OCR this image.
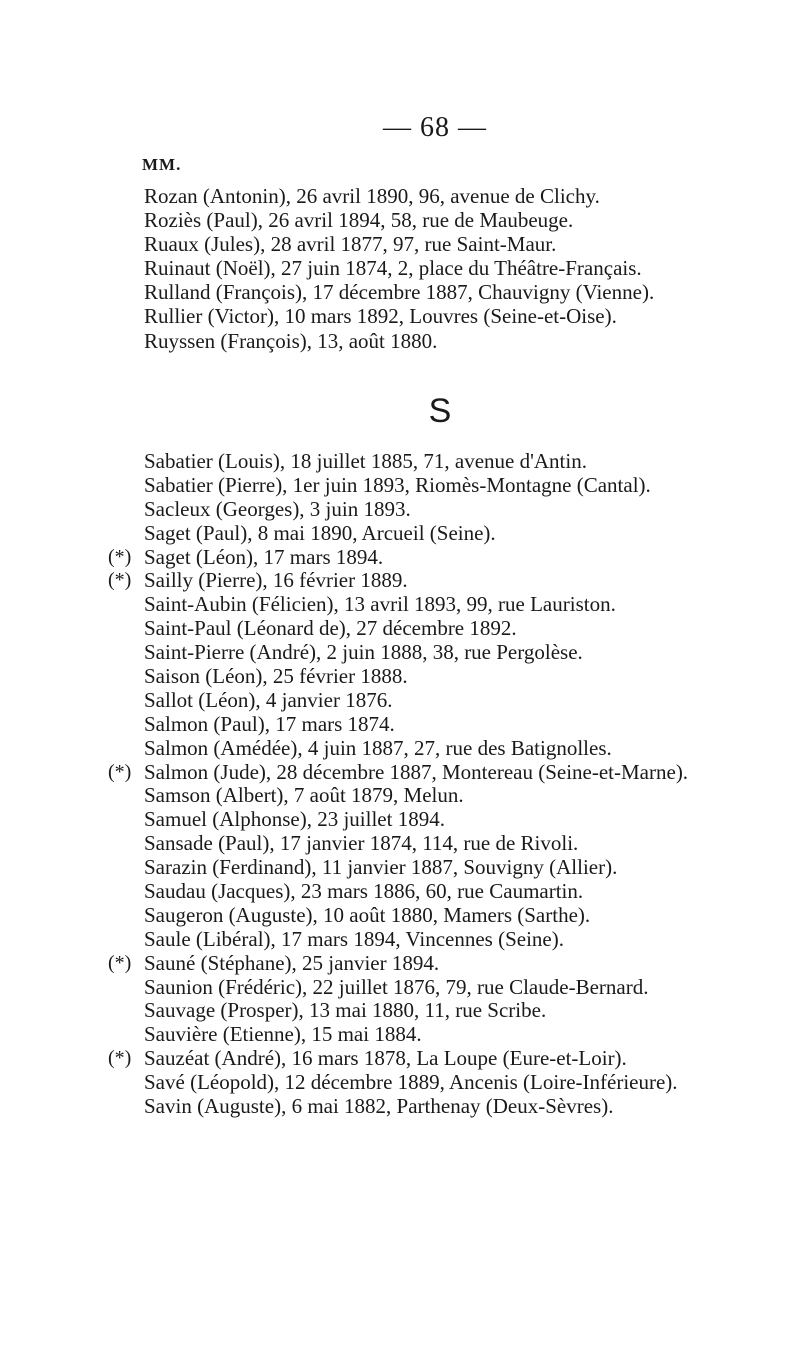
— 68 —
MM.
Rozan (Antonin), 26 avril 1890, 96, avenue de Clichy.
Roziès (Paul), 26 avril 1894, 58, rue de Maubeuge.
Ruaux (Jules), 28 avril 1877, 97, rue Saint-Maur.
Ruinaut (Noël), 27 juin 1874, 2, place du Théâtre-Français.
Rulland (François), 17 décembre 1887, Chauvigny (Vienne).
Rullier (Victor), 10 mars 1892, Louvres (Seine-et-Oise).
Ruyssen (François), 13, août 1880.
S
Sabatier (Louis), 18 juillet 1885, 71, avenue d'Antin.
Sabatier (Pierre), 1er juin 1893, Riomès-Montagne (Cantal).
Sacleux (Georges), 3 juin 1893.
Saget (Paul), 8 mai 1890, Arcueil (Seine).
(*) Saget (Léon), 17 mars 1894.
(*) Sailly (Pierre), 16 février 1889.
Saint-Aubin (Félicien), 13 avril 1893, 99, rue Lauriston.
Saint-Paul (Léonard de), 27 décembre 1892.
Saint-Pierre (André), 2 juin 1888, 38, rue Pergolèse.
Saison (Léon), 25 février 1888.
Sallot (Léon), 4 janvier 1876.
Salmon (Paul), 17 mars 1874.
Salmon (Amédée), 4 juin 1887, 27, rue des Batignolles.
(*) Salmon (Jude), 28 décembre 1887, Montereau (Seine-et-Marne).
Samson (Albert), 7 août 1879, Melun.
Samuel (Alphonse), 23 juillet 1894.
Sansade (Paul), 17 janvier 1874, 114, rue de Rivoli.
Sarazin (Ferdinand), 11 janvier 1887, Souvigny (Allier).
Saudau (Jacques), 23 mars 1886, 60, rue Caumartin.
Saugeron (Auguste), 10 août 1880, Mamers (Sarthe).
Saule (Libéral), 17 mars 1894, Vincennes (Seine).
(*) Sauné (Stéphane), 25 janvier 1894.
Saunion (Frédéric), 22 juillet 1876, 79, rue Claude-Bernard.
Sauvage (Prosper), 13 mai 1880, 11, rue Scribe.
Sauvière (Etienne), 15 mai 1884.
(*) Sauzéat (André), 16 mars 1878, La Loupe (Eure-et-Loir).
Savé (Léopold), 12 décembre 1889, Ancenis (Loire-Inférieure).
Savin (Auguste), 6 mai 1882, Parthenay (Deux-Sèvres).
